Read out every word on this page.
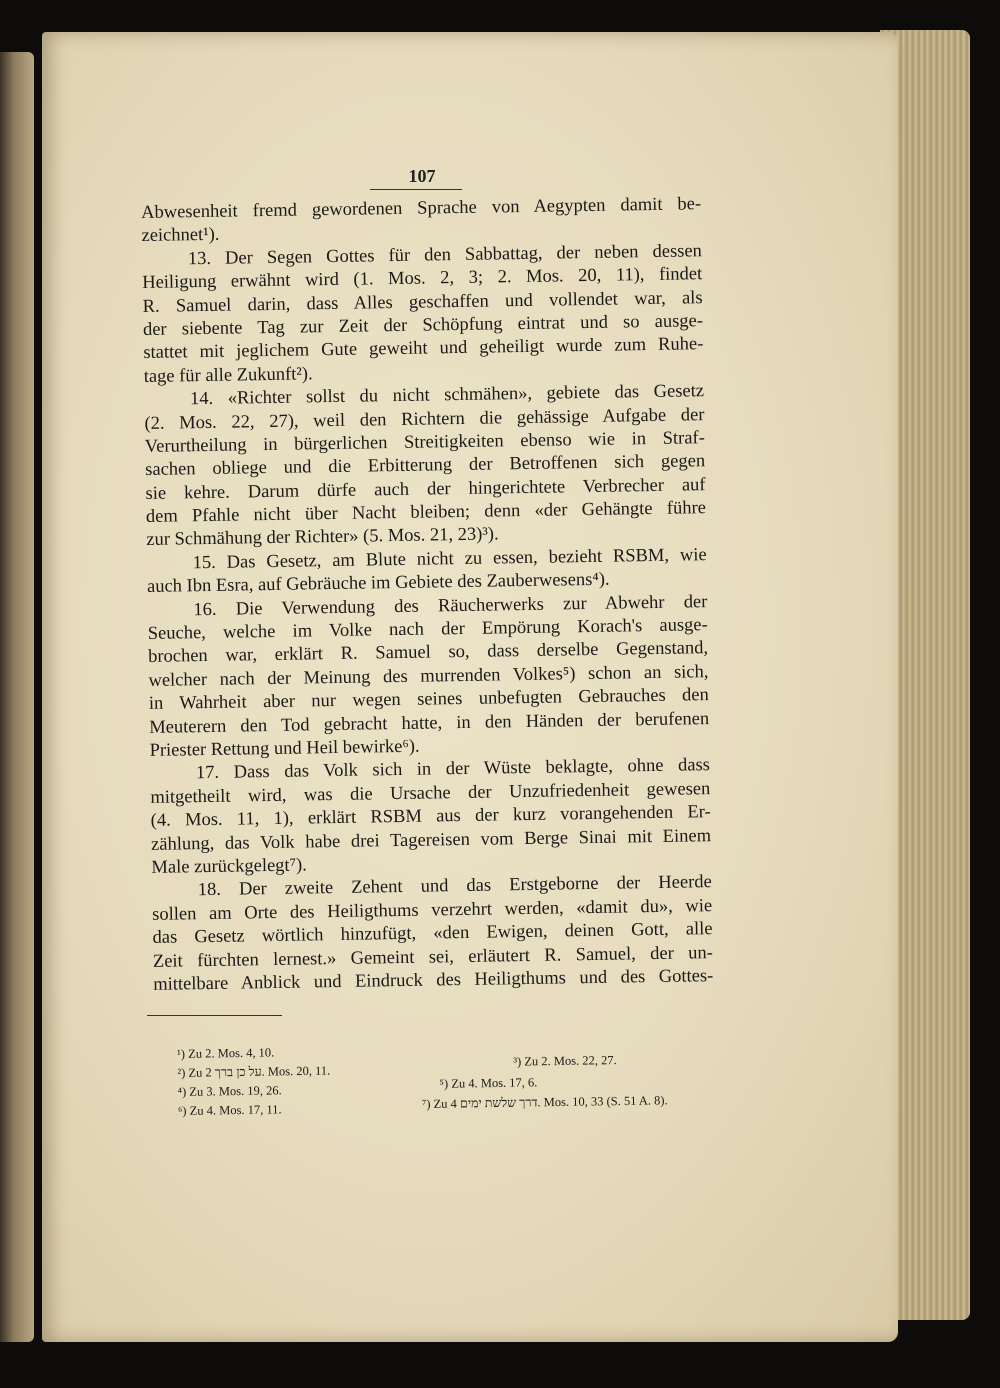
107
Abwesenheit fremd gewordenen Sprache von Aegypten damit be-
zeichnet¹).
13. Der Segen Gottes für den Sabbattag, der neben dessen
Heiligung erwähnt wird (1. Mos. 2, 3; 2. Mos. 20, 11), findet
R. Samuel darin, dass Alles geschaffen und vollendet war, als
der siebente Tag zur Zeit der Schöpfung eintrat und so ausge-
stattet mit jeglichem Gute geweiht und geheiligt wurde zum Ruhe-
tage für alle Zukunft²).
14. «Richter sollst du nicht schmähen», gebiete das Gesetz
(2. Mos. 22, 27), weil den Richtern die gehässige Aufgabe der
Verurtheilung in bürgerlichen Streitigkeiten ebenso wie in Straf-
sachen obliege und die Erbitterung der Betroffenen sich gegen
sie kehre. Darum dürfe auch der hingerichtete Verbrecher auf
dem Pfahle nicht über Nacht bleiben; denn «der Gehängte führe
zur Schmähung der Richter» (5. Mos. 21, 23)³).
15. Das Gesetz, am Blute nicht zu essen, bezieht RSBM, wie
auch Ibn Esra, auf Gebräuche im Gebiete des Zauberwesens⁴).
16. Die Verwendung des Räucherwerks zur Abwehr der
Seuche, welche im Volke nach der Empörung Korach's ausge-
brochen war, erklärt R. Samuel so, dass derselbe Gegenstand,
welcher nach der Meinung des murrenden Volkes⁵) schon an sich,
in Wahrheit aber nur wegen seines unbefugten Gebrauches den
Meuterern den Tod gebracht hatte, in den Händen der berufenen
Priester Rettung und Heil bewirke⁶).
17. Dass das Volk sich in der Wüste beklagte, ohne dass
mitgetheilt wird, was die Ursache der Unzufriedenheit gewesen
(4. Mos. 11, 1), erklärt RSBM aus der kurz vorangehenden Er-
zählung, das Volk habe drei Tagereisen vom Berge Sinai mit Einem
Male zurückgelegt⁷).
18. Der zweite Zehent und das Erstgeborne der Heerde
sollen am Orte des Heiligthums verzehrt werden, «damit du», wie
das Gesetz wörtlich hinzufügt, «den Ewigen, deinen Gott, alle
Zeit fürchten lernest.» Gemeint sei, erläutert R. Samuel, der un-
mittelbare Anblick und Eindruck des Heiligthums und des Gottes-
¹) Zu 2. Mos. 4, 10.
²) Zu על כן ברך 2. Mos. 20, 11.
⁴) Zu 3. Mos. 19, 26.
⁶) Zu 4. Mos. 17, 11.
³) Zu 2. Mos. 22, 27.
⁵) Zu 4. Mos. 17, 6.
⁷) Zu דרך שלשת ימים 4. Mos. 10, 33 (S. 51 A. 8).
